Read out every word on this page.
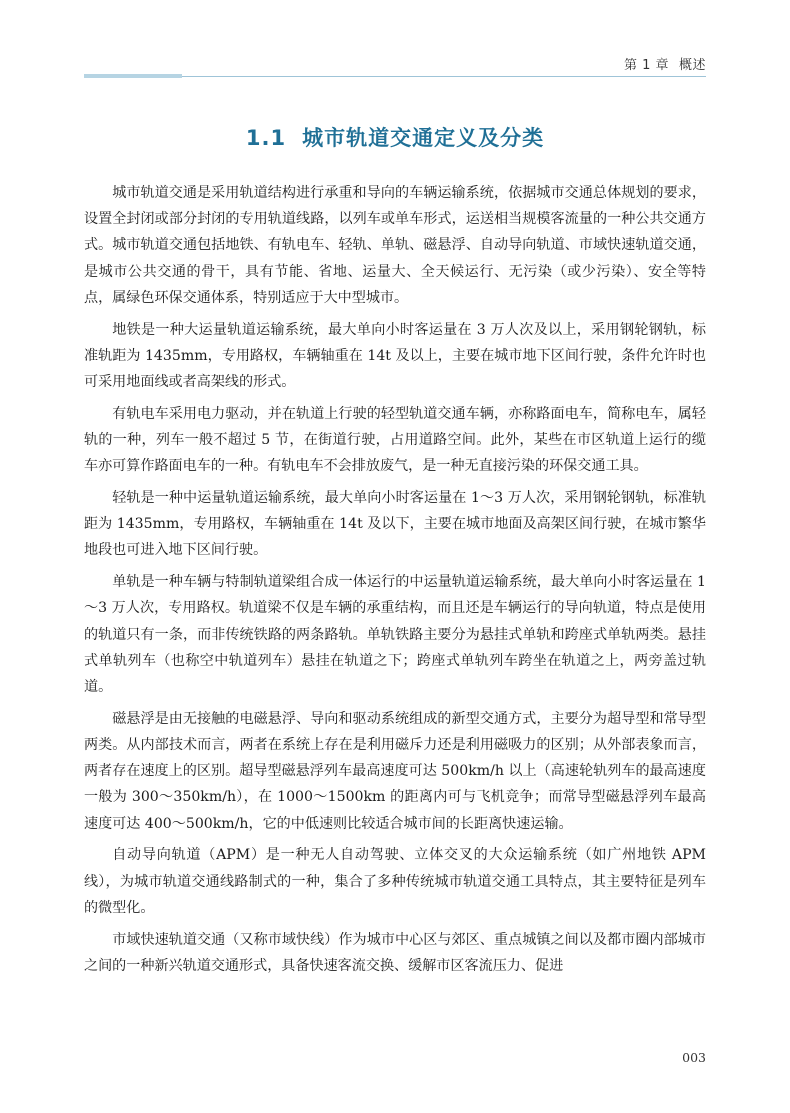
第 1 章 概述
1.1 城市轨道交通定义及分类

城市轨道交通是采用轨道结构进行承重和导向的车辆运输系统，依据城市交通总体规划的要求，设置全封闭或部分封闭的专用轨道线路，以列车或单车形式，运送相当规模客流量的一种公共交通方式。城市轨道交通包括地铁、有轨电车、轻轨、单轨、磁悬浮、自动导向轨道、市域快速轨道交通，是城市公共交通的骨干，具有节能、省地、运量大、全天候运行、无污染（或少污染）、安全等特点，属绿色环保交通体系，特别适应于大中型城市。

地铁是一种大运量轨道运输系统，最大单向小时客运量在 3 万人次及以上，采用钢轮钢轨，标准轨距为 1435mm，专用路权，车辆轴重在 14t 及以上，主要在城市地下区间行驶，条件允许时也可采用地面线或者高架线的形式。

有轨电车采用电力驱动，并在轨道上行驶的轻型轨道交通车辆，亦称路面电车，简称电车，属轻轨的一种，列车一般不超过 5 节，在街道行驶，占用道路空间。此外，某些在市区轨道上运行的缆车亦可算作路面电车的一种。有轨电车不会排放废气，是一种无直接污染的环保交通工具。

轻轨是一种中运量轨道运输系统，最大单向小时客运量在 1～3 万人次，采用钢轮钢轨，标准轨距为 1435mm，专用路权，车辆轴重在 14t 及以下，主要在城市地面及高架区间行驶，在城市繁华地段也可进入地下区间行驶。

单轨是一种车辆与特制轨道梁组合成一体运行的中运量轨道运输系统，最大单向小时客运量在 1～3 万人次，专用路权。轨道梁不仅是车辆的承重结构，而且还是车辆运行的导向轨道，特点是使用的轨道只有一条，而非传统铁路的两条路轨。单轨铁路主要分为悬挂式单轨和跨座式单轨两类。悬挂式单轨列车（也称空中轨道列车）悬挂在轨道之下；跨座式单轨列车跨坐在轨道之上，两旁盖过轨道。

磁悬浮是由无接触的电磁悬浮、导向和驱动系统组成的新型交通方式，主要分为超导型和常导型两类。从内部技术而言，两者在系统上存在是利用磁斥力还是利用磁吸力的区别；从外部表象而言，两者存在速度上的区别。超导型磁悬浮列车最高速度可达 500km/h 以上（高速轮轨列车的最高速度一般为 300～350km/h），在 1000～1500km 的距离内可与飞机竞争；而常导型磁悬浮列车最高速度可达 400～500km/h，它的中低速则比较适合城市间的长距离快速运输。

自动导向轨道（APM）是一种无人自动驾驶、立体交叉的大众运输系统（如广州地铁 APM 线），为城市轨道交通线路制式的一种，集合了多种传统城市轨道交通工具特点，其主要特征是列车的微型化。

市域快速轨道交通（又称市域快线）作为城市中心区与郊区、重点城镇之间以及都市圈内部城市之间的一种新兴轨道交通形式，具备快速客流交换、缓解市区客流压力、促进

003
